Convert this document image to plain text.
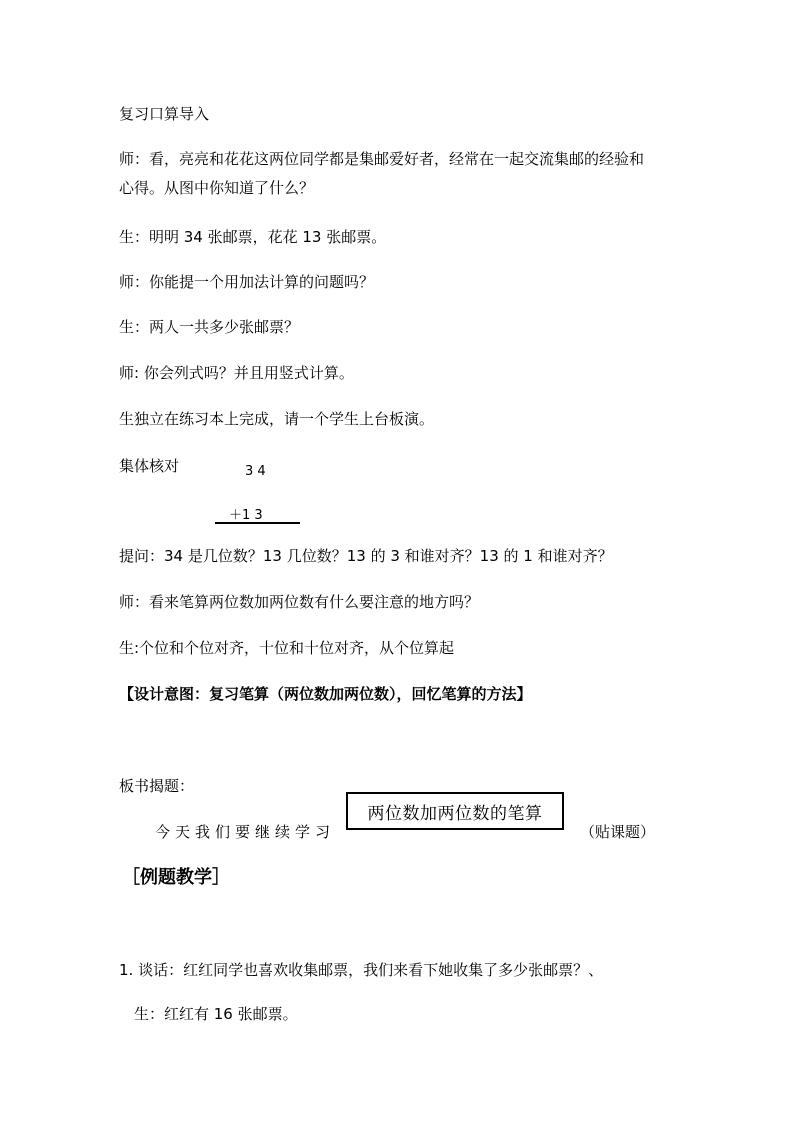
复习口算导入
师：看，亮亮和花花这两位同学都是集邮爱好者，经常在一起交流集邮的经验和
心得。从图中你知道了什么？
生：明明 34 张邮票，花花 13 张邮票。
师：你能提一个用加法计算的问题吗？
生：两人一共多少张邮票？
师: 你会列式吗？并且用竖式计算。
生独立在练习本上完成，请一个学生上台板演。
集体核对	3 4
＋1 3
提问：34 是几位数？13 几位数？13 的 3 和谁对齐？13 的 1 和谁对齐？
师：看来笔算两位数加两位数有什么要注意的地方吗？
生:个位和个位对齐，十位和十位对齐，从个位算起
【设计意图：复习笔算（两位数加两位数），回忆笔算的方法】
板书揭题：
今天我们要继续学习
两位数加两位数的笔算
（贴课题）
［例题教学］
1. 谈话：红红同学也喜欢收集邮票，我们来看下她收集了多少张邮票？、
生：红红有 16 张邮票。
